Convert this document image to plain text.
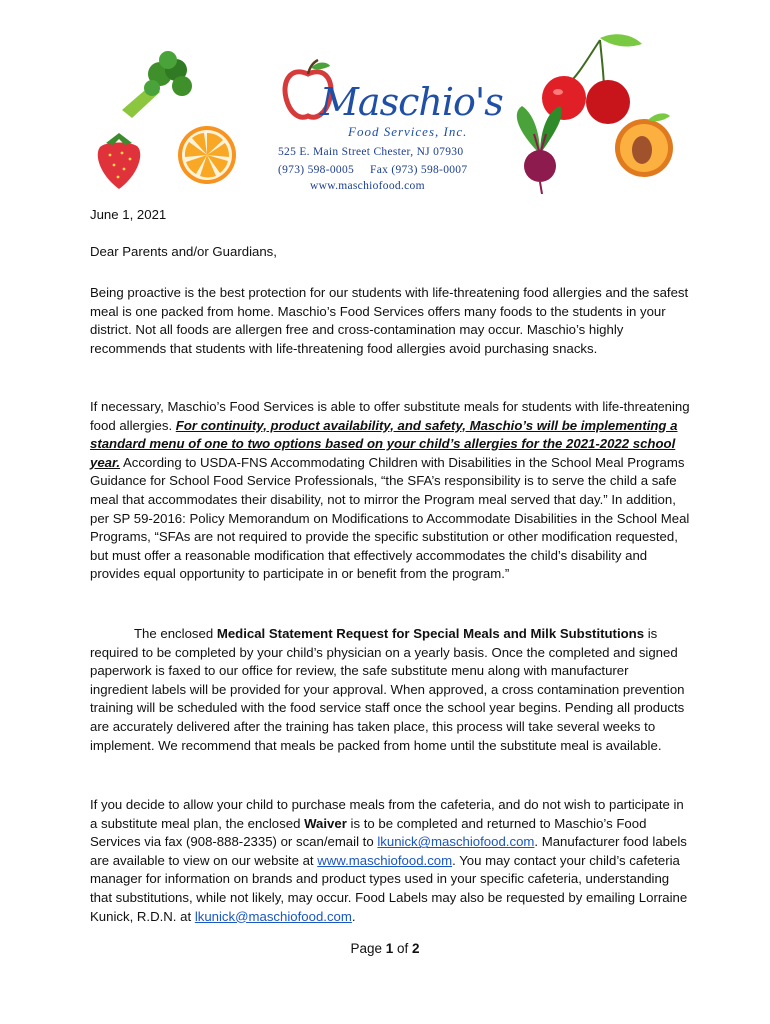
Maschio's
Food Services, Inc.
525 E. Main Street Chester, NJ 07930
(973) 598-0005 Fax (973) 598-0007
www.maschiofood.com
June 1, 2021
Dear Parents and/or Guardians,

Being proactive is the best protection for our students with life-threatening food allergies and the safest meal is one packed from home. Maschio’s Food Services offers many foods to the students in your district. Not all foods are allergen free and cross-contamination may occur. Maschio’s highly recommends that students with life-threatening food allergies avoid purchasing snacks.

If necessary, Maschio’s Food Services is able to offer substitute meals for students with life-threatening food allergies. For continuity, product availability, and safety, Maschio’s will be implementing a standard menu of one to two options based on your child’s allergies for the 2021-2022 school year. According to USDA-FNS Accommodating Children with Disabilities in the School Meal Programs Guidance for School Food Service Professionals, “the SFA’s responsibility is to serve the child a safe meal that accommodates their disability, not to mirror the Program meal served that day.” In addition, per SP 59-2016: Policy Memorandum on Modifications to Accommodate Disabilities in the School Meal Programs, “SFAs are not required to provide the specific substitution or other modification requested, but must offer a reasonable modification that effectively accommodates the child’s disability and provides equal opportunity to participate in or benefit from the program.”

The enclosed Medical Statement Request for Special Meals and Milk Substitutions is required to be completed by your child’s physician on a yearly basis. Once the completed and signed paperwork is faxed to our office for review, the safe substitute menu along with manufacturer ingredient labels will be provided for your approval. When approved, a cross contamination prevention training will be scheduled with the food service staff once the school year begins. Pending all products are accurately delivered after the training has taken place, this process will take several weeks to implement. We recommend that meals be packed from home until the substitute meal is available.

If you decide to allow your child to purchase meals from the cafeteria, and do not wish to participate in a substitute meal plan, the enclosed Waiver is to be completed and returned to Maschio’s Food Services via fax (908-888-2335) or scan/email to lkunick@maschiofood.com. Manufacturer food labels are available to view on our website at www.maschiofood.com. You may contact your child’s cafeteria manager for information on brands and product types used in your specific cafeteria, understanding that substitutions, while not likely, may occur. Food Labels may also be requested by emailing Lorraine Kunick, R.D.N. at lkunick@maschiofood.com.

Page 1 of 2
